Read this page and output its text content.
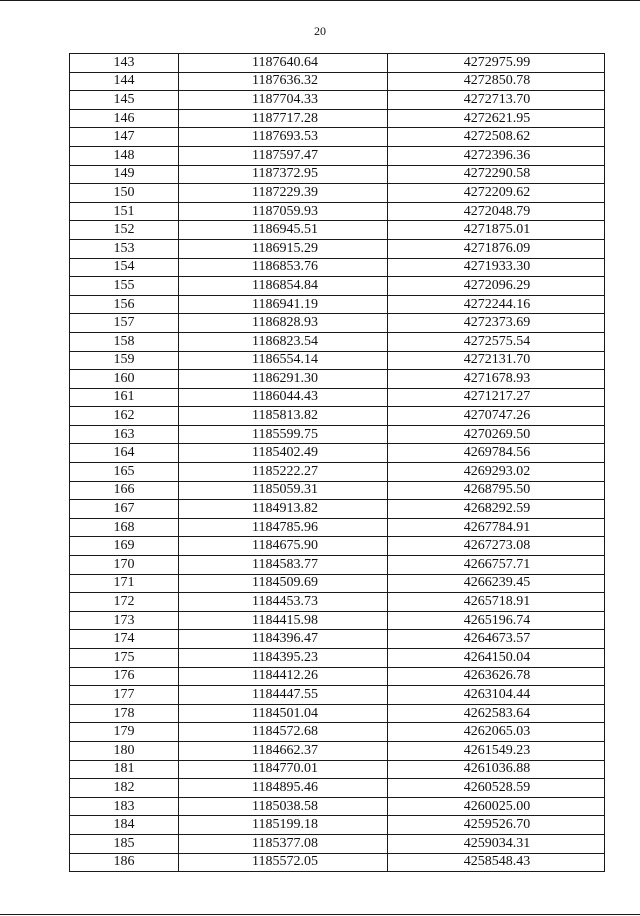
20
143	1187640.64	4272975.99
144	1187636.32	4272850.78
145	1187704.33	4272713.70
146	1187717.28	4272621.95
147	1187693.53	4272508.62
148	1187597.47	4272396.36
149	1187372.95	4272290.58
150	1187229.39	4272209.62
151	1187059.93	4272048.79
152	1186945.51	4271875.01
153	1186915.29	4271876.09
154	1186853.76	4271933.30
155	1186854.84	4272096.29
156	1186941.19	4272244.16
157	1186828.93	4272373.69
158	1186823.54	4272575.54
159	1186554.14	4272131.70
160	1186291.30	4271678.93
161	1186044.43	4271217.27
162	1185813.82	4270747.26
163	1185599.75	4270269.50
164	1185402.49	4269784.56
165	1185222.27	4269293.02
166	1185059.31	4268795.50
167	1184913.82	4268292.59
168	1184785.96	4267784.91
169	1184675.90	4267273.08
170	1184583.77	4266757.71
171	1184509.69	4266239.45
172	1184453.73	4265718.91
173	1184415.98	4265196.74
174	1184396.47	4264673.57
175	1184395.23	4264150.04
176	1184412.26	4263626.78
177	1184447.55	4263104.44
178	1184501.04	4262583.64
179	1184572.68	4262065.03
180	1184662.37	4261549.23
181	1184770.01	4261036.88
182	1184895.46	4260528.59
183	1185038.58	4260025.00
184	1185199.18	4259526.70
185	1185377.08	4259034.31
186	1185572.05	4258548.43
